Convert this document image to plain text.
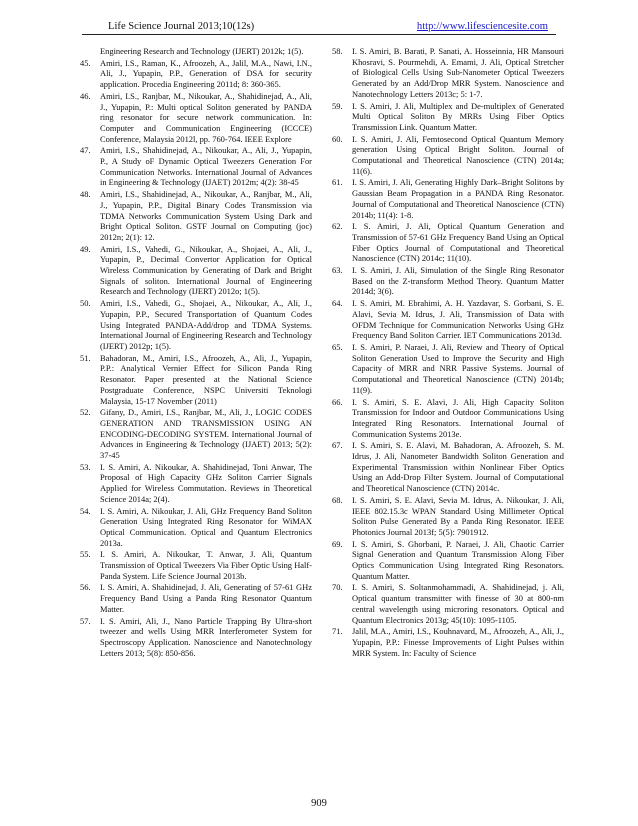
Life Science Journal 2013;10(12s)	http://www.lifesciencesite.com

Engineering Research and Technology (IJERT) 2012k; 1(5).

45. Amiri, I.S., Raman, K., Afroozeh, A., Jalil, M.A., Nawi, I.N., Ali, J., Yupapin, P.P., Generation of DSA for security application. Procedia Engineering 2011d; 8: 360-365.

46. Amiri, I.S., Ranjbar, M., Nikoukar, A., Shahidinejad, A., Ali, J., Yupapin, P.: Multi optical Soliton generated by PANDA ring resonator for secure network communication. In: Computer and Communication Engineering (ICCCE) Conference, Malaysia 2012l, pp. 760-764. IEEE Explore

47. Amiri, I.S., Shahidinejad, A., Nikoukar, A., Ali, J., Yupapin, P., A Study oF Dynamic Optical Tweezers Generation For Communication Networks. International Journal of Advances in Engineering & Technology (IJAET) 2012m; 4(2): 38-45

48. Amiri, I.S., Shahidinejad, A., Nikoukar, A., Ranjbar, M., Ali, J., Yupapin, P.P., Digital Binary Codes Transmission via TDMA Networks Communication System Using Dark and Bright Optical Soliton. GSTF Journal on Computing (joc) 2012n; 2(1): 12.

49. Amiri, I.S., Vahedi, G., Nikoukar, A., Shojaei, A., Ali, J., Yupapin, P., Decimal Convertor Application for Optical Wireless Communication by Generating of Dark and Bright Signals of soliton. International Journal of Engineering Research and Technology (IJERT) 2012o; 1(5).

50. Amiri, I.S., Vahedi, G., Shojaei, A., Nikoukar, A., Ali, J., Yupapin, P.P., Secured Transportation of Quantum Codes Using Integrated PANDA-Add/drop and TDMA Systems. International Journal of Engineering Research and Technology (IJERT) 2012p; 1(5).

51. Bahadoran, M., Amiri, I.S., Afroozeh, A., Ali, J., Yupapin, P.P.: Analytical Vernier Effect for Silicon Panda Ring Resonator. Paper presented at the National Science Postgraduate Conference, NSPC Universiti Teknologi Malaysia, 15-17 November (2011)

52. Gifany, D., Amiri, I.S., Ranjbar, M., Ali, J., LOGIC CODES GENERATION AND TRANSMISSION USING AN ENCODING-DECODING SYSTEM. International Journal of Advances in Engineering & Technology (IJAET) 2013; 5(2): 37-45

53. I. S. Amiri, A. Nikoukar, A. Shahidinejad, Toni Anwar, The Proposal of High Capacity GHz Soliton Carrier Signals Applied for Wireless Commutation. Reviews in Theoretical Science 2014a; 2(4).

54. I. S. Amiri, A. Nikoukar, J. Ali, GHz Frequency Band Soliton Generation Using Integrated Ring Resonator for WiMAX Optical Communication. Optical and Quantum Electronics 2013a.

55. I. S. Amiri, A. Nikoukar, T. Anwar, J. Ali, Quantum Transmission of Optical Tweezers Via Fiber Optic Using Half-Panda System. Life Science Journal 2013b.

56. I. S. Amiri, A. Shahidinejad, J. Ali, Generating of 57-61 GHz Frequency Band Using a Panda Ring Resonator Quantum Matter.

57. I. S. Amiri, Ali, J., Nano Particle Trapping By Ultra-short tweezer and wells Using MRR Interferometer System for Spectroscopy Application. Nanoscience and Nanotechnology Letters 2013; 5(8): 850-856.

58. I. S. Amiri, B. Barati, P. Sanati, A. Hosseinnia, HR Mansouri Khosravi, S. Pourmehdi, A. Emami, J. Ali, Optical Stretcher of Biological Cells Using Sub-Nanometer Optical Tweezers Generated by an Add/Drop MRR System. Nanoscience and Nanotechnology Letters 2013c; 5: 1-7.

59. I. S. Amiri, J. Ali, Multiplex and De-multiplex of Generated Multi Optical Soliton By MRRs Using Fiber Optics Transmission Link. Quantum Matter.

60. I. S. Amiri, J. Ali, Femtosecond Optical Quantum Memory generation Using Optical Bright Soliton. Journal of Computational and Theoretical Nanoscience (CTN) 2014a; 11(6).

61. I. S. Amiri, J. Ali, Generating Highly Dark–Bright Solitons by Gaussian Beam Propagation in a PANDA Ring Resonator. Journal of Computational and Theoretical Nanoscience (CTN) 2014b; 11(4): 1-8.

62. I. S. Amiri, J. Ali, Optical Quantum Generation and Transmission of 57-61 GHz Frequency Band Using an Optical Fiber Optics Journal of Computational and Theoretical Nanoscience (CTN) 2014c; 11(10).

63. I. S. Amiri, J. Ali, Simulation of the Single Ring Resonator Based on the Z-transform Method Theory. Quantum Matter 2014d; 3(6).

64. I. S. Amiri, M. Ebrahimi, A. H. Yazdavar, S. Gorbani, S. E. Alavi, Sevia M. Idrus, J. Ali, Transmission of Data with OFDM Technique for Communication Networks Using GHz Frequency Band Soliton Carrier. IET Communications 2013d.

65. I. S. Amiri, P. Naraei, J. Ali, Review and Theory of Optical Soliton Generation Used to Improve the Security and High Capacity of MRR and NRR Passive Systems. Journal of Computational and Theoretical Nanoscience (CTN) 2014b; 11(9).

66. I. S. Amiri, S. E. Alavi, J. Ali, High Capacity Soliton Transmission for Indoor and Outdoor Communications Using Integrated Ring Resonators. International Journal of Communication Systems 2013e.

67. I. S. Amiri, S. E. Alavi, M. Bahadoran, A. Afroozeh, S. M. Idrus, J. Ali, Nanometer Bandwidth Soliton Generation and Experimental Transmission within Nonlinear Fiber Optics Using an Add-Drop Filter System. Journal of Computational and Theoretical Nanoscience (CTN) 2014c.

68. I. S. Amiri, S. E. Alavi, Sevia M. Idrus, A. Nikoukar, J. Ali, IEEE 802.15.3c WPAN Standard Using Millimeter Optical Soliton Pulse Generated By a Panda Ring Resonator. IEEE Photonics Journal 2013f; 5(5): 7901912.

69. I. S. Amiri, S. Ghorbani, P. Naraei, J. Ali, Chaotic Carrier Signal Generation and Quantum Transmission Along Fiber Optics Communication Using Integrated Ring Resonators. Quantum Matter.

70. I. S. Amiri, S. Soltanmohammadi, A. Shahidinejad, j. Ali, Optical quantum transmitter with finesse of 30 at 800-nm central wavelength using microring resonators. Optical and Quantum Electronics 2013g; 45(10): 1095-1105.

71. Jalil, M.A., Amiri, I.S., Kouhnavard, M., Afroozeh, A., Ali, J., Yupapin, P.P.: Finesse Improvements of Light Pulses within MRR System. In: Faculty of Science

909
